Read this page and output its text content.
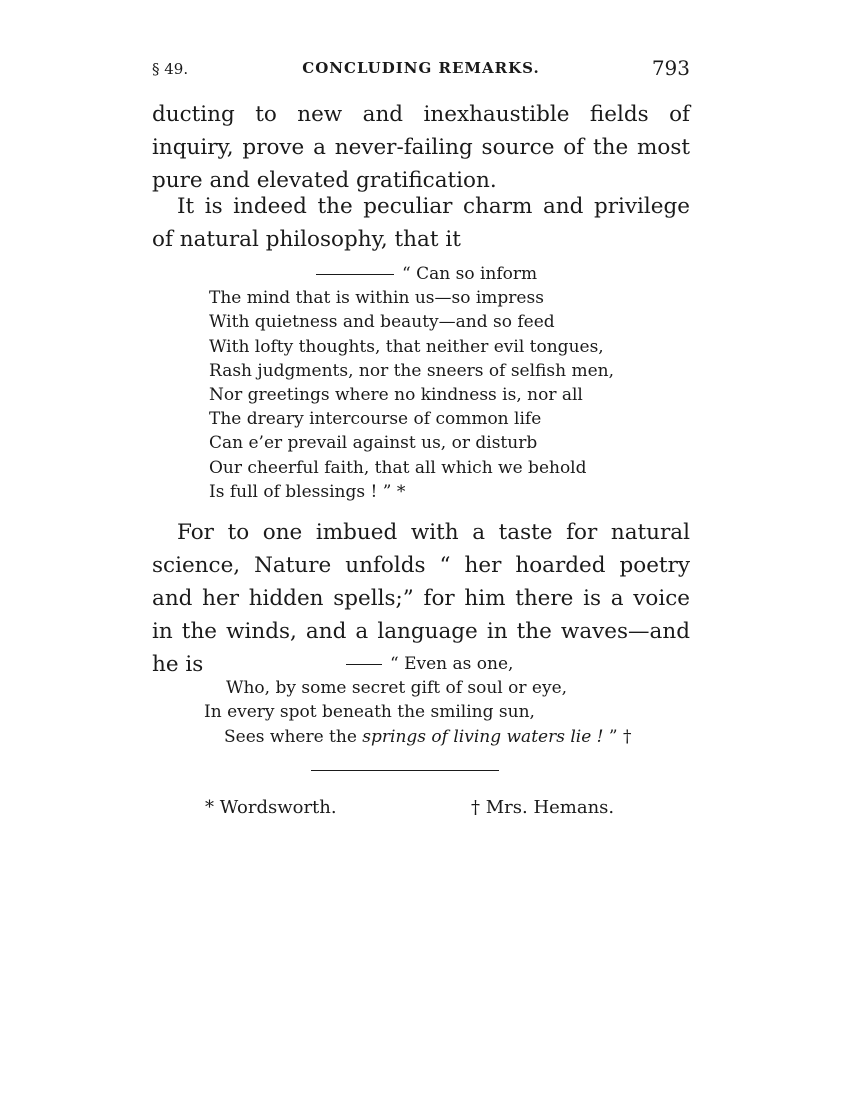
§ 49.	CONCLUDING REMARKS.	793

ducting to new and inexhaustible fields of inquiry, prove a never-failing source of the most pure and elevated gratification.

It is indeed the peculiar charm and privilege of natural philosophy, that it

“ Can so inform
The mind that is within us—so impress
With quietness and beauty—and so feed
With lofty thoughts, that neither evil tongues,
Rash judgments, nor the sneers of selfish men,
Nor greetings where no kindness is, nor all
The dreary intercourse of common life
Can e’er prevail against us, or disturb
Our cheerful faith, that all which we behold
Is full of blessings ! ” *

For to one imbued with a taste for natural science, Nature unfolds “ her hoarded poetry and her hidden spells;” for him there is a voice in the winds, and a language in the waves—and he is	“ Even as one,
Who, by some secret gift of soul or eye,
In every spot beneath the smiling sun,
Sees where the springs of living waters lie ! ” †
* Wordsworth.	† Mrs. Hemans.
